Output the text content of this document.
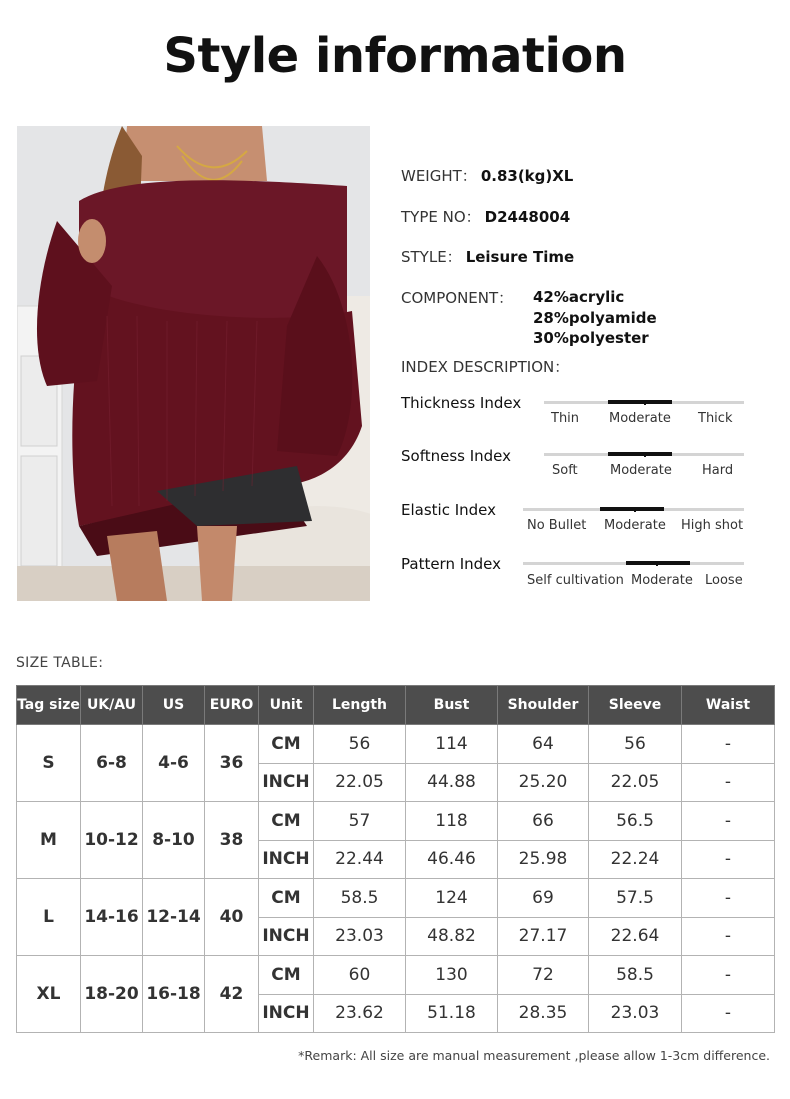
Style information
WEIGHT： 0.83(kg)XL
TYPE NO： D2448004
STYLE： Leisure Time
COMPONENT： 42%acrylic
28%polyamide
30%polyester
INDEX DESCRIPTION：
Thickness Index
Thin Moderate Thick
Softness Index
Soft Moderate Hard
Elastic Index
No Bullet Moderate High shot
Pattern Index
Self cultivation Moderate Loose
SIZE TABLE:
Tag size	UK/AU	US	EURO	Unit	Length	Bust	Shoulder	Sleeve	Waist
S	6-8	4-6	36	CM	56	114	64	56	-
				INCH	22.05	44.88	25.20	22.05	-
M	10-12	8-10	38	CM	57	118	66	56.5	-
				INCH	22.44	46.46	25.98	22.24	-
L	14-16	12-14	40	CM	58.5	124	69	57.5	-
				INCH	23.03	48.82	27.17	22.64	-
XL	18-20	16-18	42	CM	60	130	72	58.5	-
				INCH	23.62	51.18	28.35	23.03	-
*Remark: All size are manual measurement ,please allow 1-3cm difference.
